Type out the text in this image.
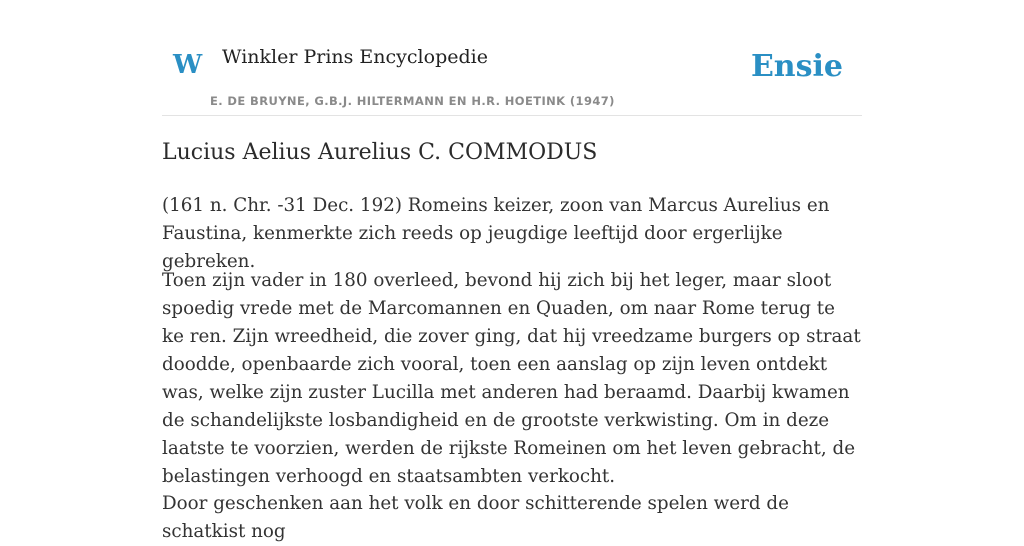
W Winkler Prins Encyclopedie
E. DE BRUYNE, G.B.J. HILTERMANN EN H.R. HOETINK (1947)
Ensie
Lucius Aelius Aurelius C. COMMODUS

(161 n. Chr. -31 Dec. 192) Romeins keizer, zoon van Marcus Aurelius en Faustina, kenmerkte zich reeds op jeugdige leeftijd door ergerlijke gebreken.

Toen zijn vader in 180 overleed, bevond hij zich bij het leger, maar sloot spoedig vrede met de Marcomannen en Quaden, om naar Rome terug te ke ren. Zijn wreedheid, die zover ging, dat hij vreedzame burgers op straat doodde, openbaarde zich vooral, toen een aanslag op zijn leven ontdekt was, welke zijn zuster Lucilla met anderen had beraamd. Daarbij kwamen de schandelijkste losbandigheid en de grootste verkwisting. Om in deze laatste te voorzien, werden de rijkste Romeinen om het leven gebracht, de belastingen verhoogd en staatsambten verkocht.

Door geschenken aan het volk en door schitterende spelen werd de schatkist nog
